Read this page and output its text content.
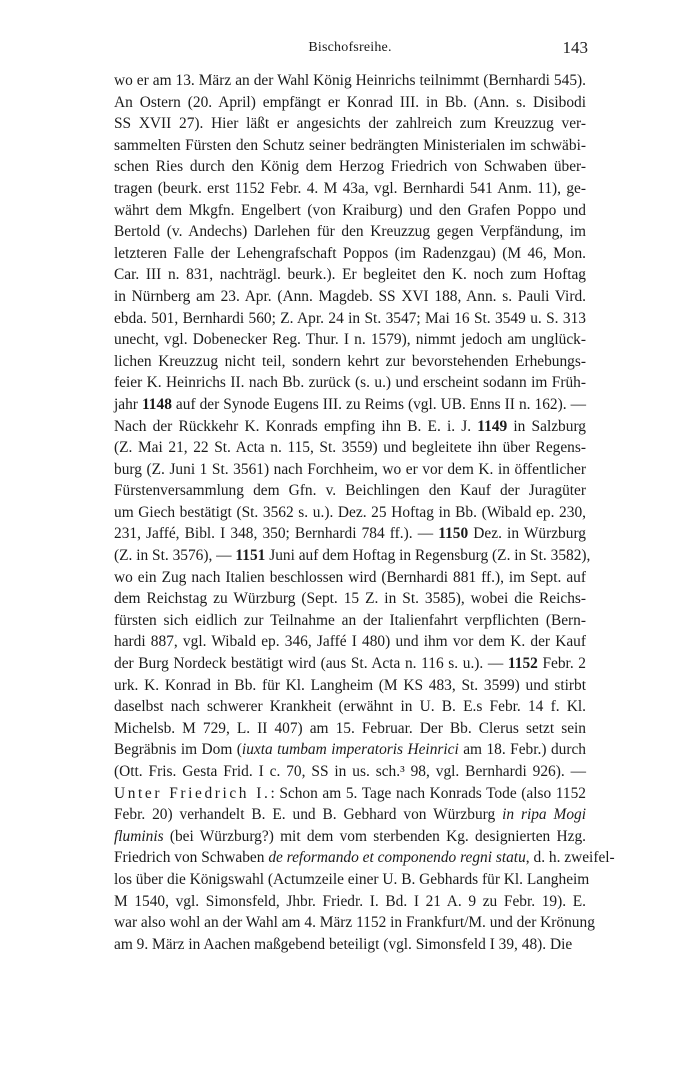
Bischofsreihe.	143
wo er am 13. März an der Wahl König Heinrichs teilnimmt (Bernhardi 545).
An Ostern (20. April) empfängt er Konrad III. in Bb. (Ann. s. Disibodi
SS XVII 27). Hier läßt er angesichts der zahlreich zum Kreuzzug ver-
sammelten Fürsten den Schutz seiner bedrängten Ministerialen im schwäbi-
schen Ries durch den König dem Herzog Friedrich von Schwaben über-
tragen (beurk. erst 1152 Febr. 4. M 43a, vgl. Bernhardi 541 Anm. 11), ge-
währt dem Mkgfn. Engelbert (von Kraiburg) und den Grafen Poppo und
Bertold (v. Andechs) Darlehen für den Kreuzzug gegen Verpfändung, im
letzteren Falle der Lehengrafschaft Poppos (im Radenzgau) (M 46, Mon.
Car. III n. 831, nachträgl. beurk.). Er begleitet den K. noch zum Hoftag
in Nürnberg am 23. Apr. (Ann. Magdeb. SS XVI 188, Ann. s. Pauli Vird.
ebda. 501, Bernhardi 560; Z. Apr. 24 in St. 3547; Mai 16 St. 3549 u. S. 313
unecht, vgl. Dobenecker Reg. Thur. I n. 1579), nimmt jedoch am unglück-
lichen Kreuzzug nicht teil, sondern kehrt zur bevorstehenden Erhebungs-
feier K. Heinrichs II. nach Bb. zurück (s. u.) und erscheint sodann im Früh-
jahr 1148 auf der Synode Eugens III. zu Reims (vgl. UB. Enns II n. 162). —
Nach der Rückkehr K. Konrads empfing ihn B. E. i. J. 1149 in Salzburg
(Z. Mai 21, 22 St. Acta n. 115, St. 3559) und begleitete ihn über Regens-
burg (Z. Juni 1 St. 3561) nach Forchheim, wo er vor dem K. in öffentlicher
Fürstenversammlung dem Gfn. v. Beichlingen den Kauf der Juragüter
um Giech bestätigt (St. 3562 s. u.). Dez. 25 Hoftag in Bb. (Wibald ep. 230,
231, Jaffé, Bibl. I 348, 350; Bernhardi 784 ff.). — 1150 Dez. in Würzburg
(Z. in St. 3576), — 1151 Juni auf dem Hoftag in Regensburg (Z. in St. 3582),
wo ein Zug nach Italien beschlossen wird (Bernhardi 881 ff.), im Sept. auf
dem Reichstag zu Würzburg (Sept. 15 Z. in St. 3585), wobei die Reichs-
fürsten sich eidlich zur Teilnahme an der Italienfahrt verpflichten (Bern-
hardi 887, vgl. Wibald ep. 346, Jaffé I 480) und ihm vor dem K. der Kauf
der Burg Nordeck bestätigt wird (aus St. Acta n. 116 s. u.). — 1152 Febr. 2
urk. K. Konrad in Bb. für Kl. Langheim (M KS 483, St. 3599) und stirbt
daselbst nach schwerer Krankheit (erwähnt in U. B. E.s Febr. 14 f. Kl.
Michelsb. M 729, L. II 407) am 15. Februar. Der Bb. Clerus setzt sein
Begräbnis im Dom (iuxta tumbam imperatoris Heinrici am 18. Febr.) durch
(Ott. Fris. Gesta Frid. I c. 70, SS in us. sch.³ 98, vgl. Bernhardi 926). —
Unter Friedrich I.: Schon am 5. Tage nach Konrads Tode (also 1152
Febr. 20) verhandelt B. E. und B. Gebhard von Würzburg in ripa Mogi
fluminis (bei Würzburg?) mit dem vom sterbenden Kg. designierten Hzg.
Friedrich von Schwaben de reformando et componendo regni statu, d. h. zweifel-
los über die Königswahl (Actumzeile einer U. B. Gebhards für Kl. Langheim
M 1540, vgl. Simonsfeld, Jhbr. Friedr. I. Bd. I 21 A. 9 zu Febr. 19). E.
war also wohl an der Wahl am 4. März 1152 in Frankfurt/M. und der Krönung
am 9. März in Aachen maßgebend beteiligt (vgl. Simonsfeld I 39, 48). Die
